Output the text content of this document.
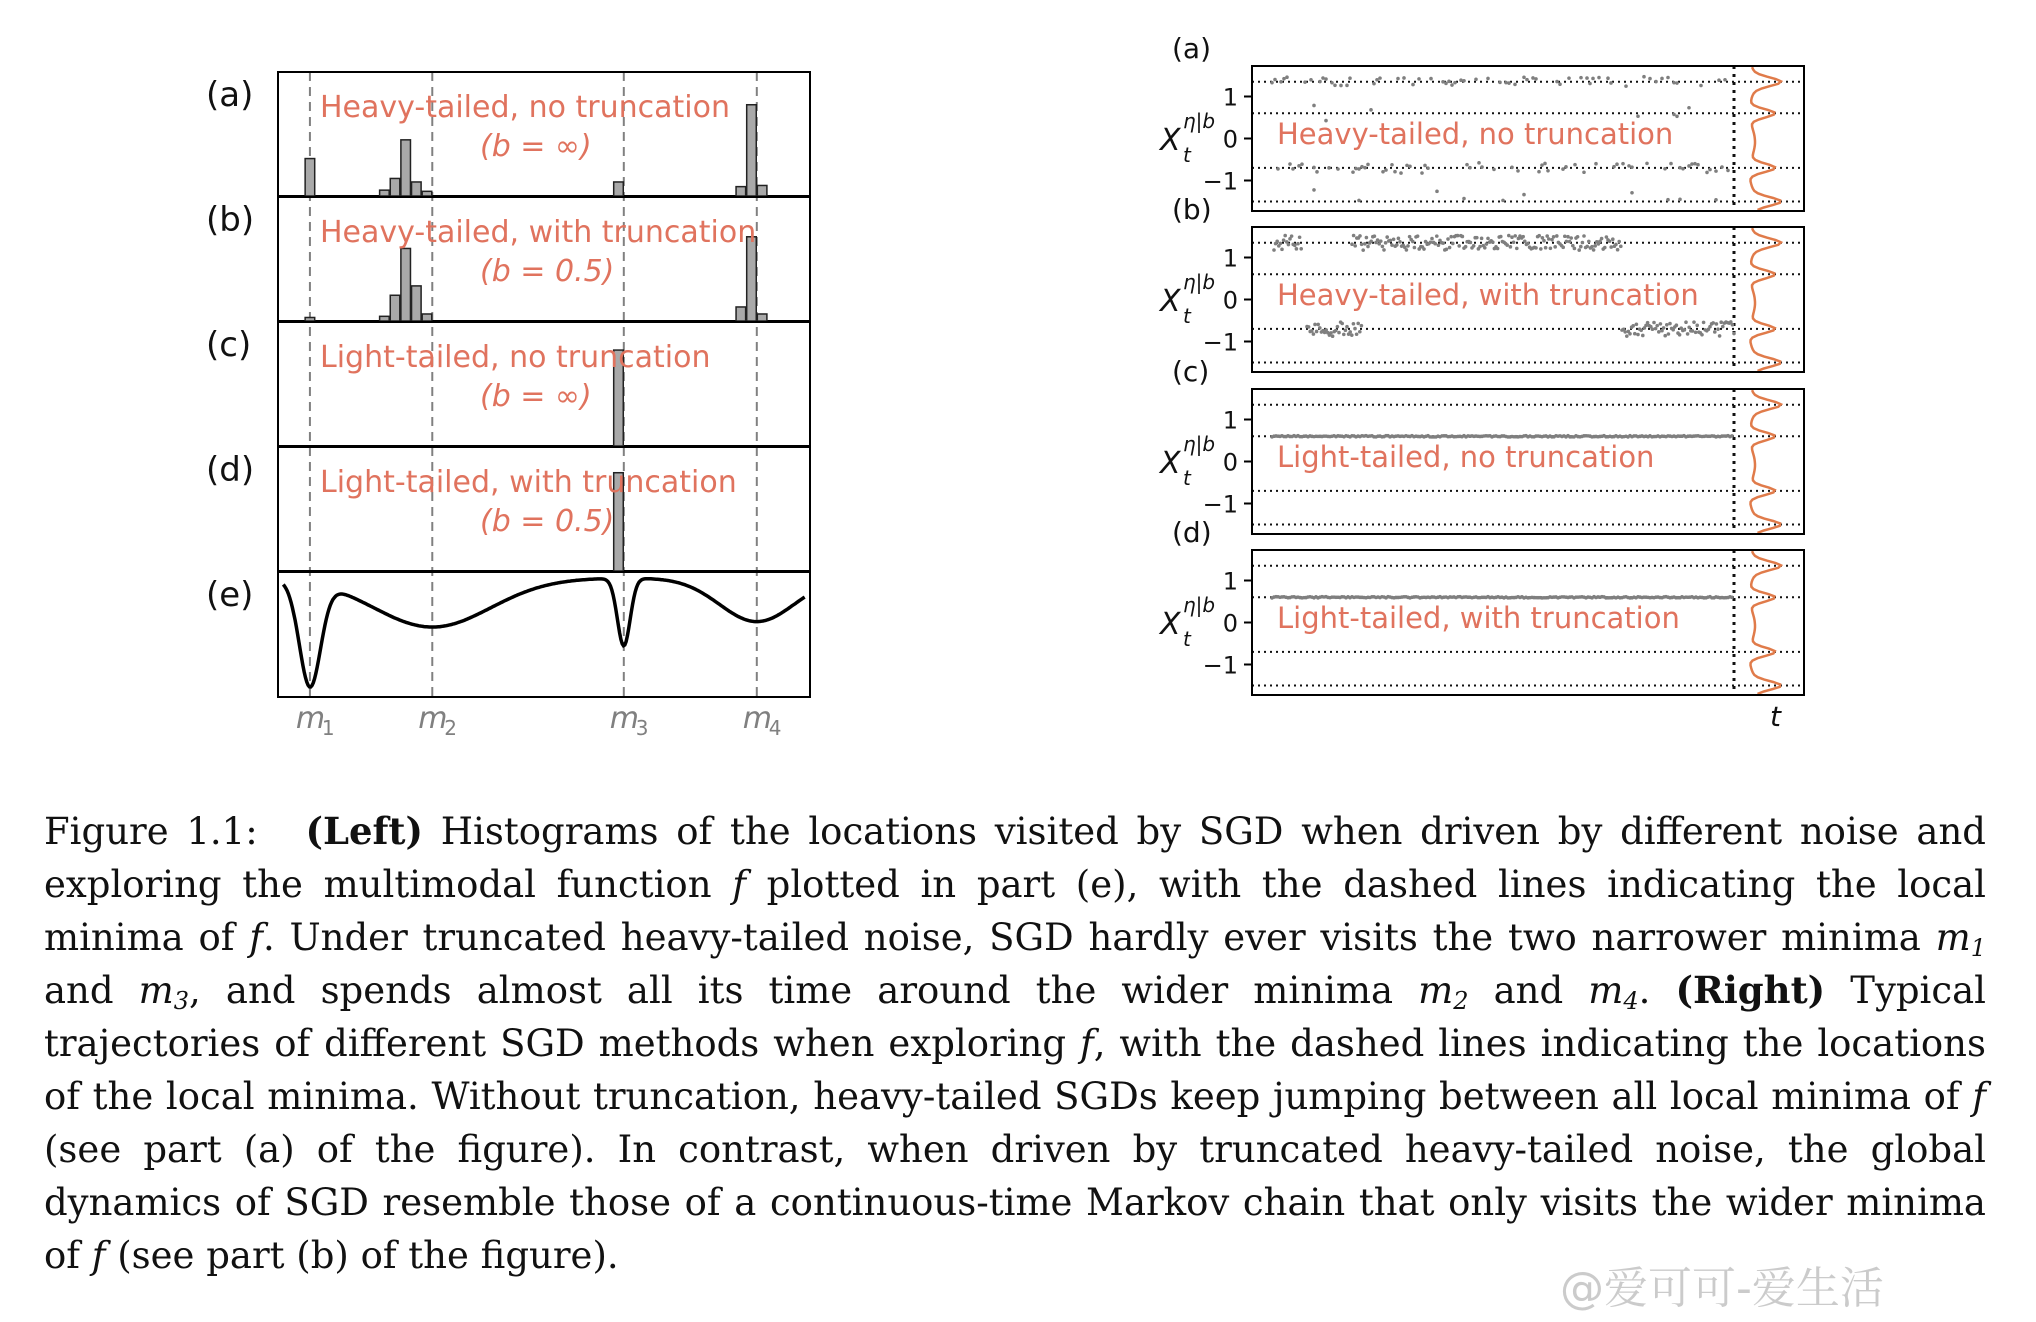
(a) Heavy-tailed, no truncation
(b = ∞)
(b) Heavy-tailed, with truncation
(b = 0.5)
(c) Light-tailed, no truncation
(b = ∞)
(d) Light-tailed, with truncation
(b = 0.5)
(e)
m
1	m
2	m
3	m
4
(a)
X t
η|b
1
0
−1
Heavy-tailed, no truncation
(b)
X t
η|b
1
0
−1
Heavy-tailed, with truncation
(c)
X t
η|b
1
0
−1
Light-tailed, no truncation
(d)
X t
η|b
1
0
−1
Light-tailed, with truncation
t

Figure 1.1: (Left) Histograms of the locations visited by SGD when driven by different noise and exploring the multimodal function f plotted in part (e), with the dashed lines indicating the local minima of f. Under truncated heavy-tailed noise, SGD hardly ever visits the two narrower minima $m_1$ and $m_3$, and spends almost all its time around the wider minima $m_2$ and $m_4$. (Right) Typical trajectories of different SGD methods when exploring f, with the dashed lines indicating the locations of the local minima. Without truncation, heavy-tailed SGDs keep jumping between all local minima of f (see part (a) of the figure). In contrast, when driven by truncated heavy-tailed noise, the global dynamics of SGD resemble those of a continuous-time Markov chain that only visits the wider minima of f (see part (b) of the figure).

@爱可可-爱生活
